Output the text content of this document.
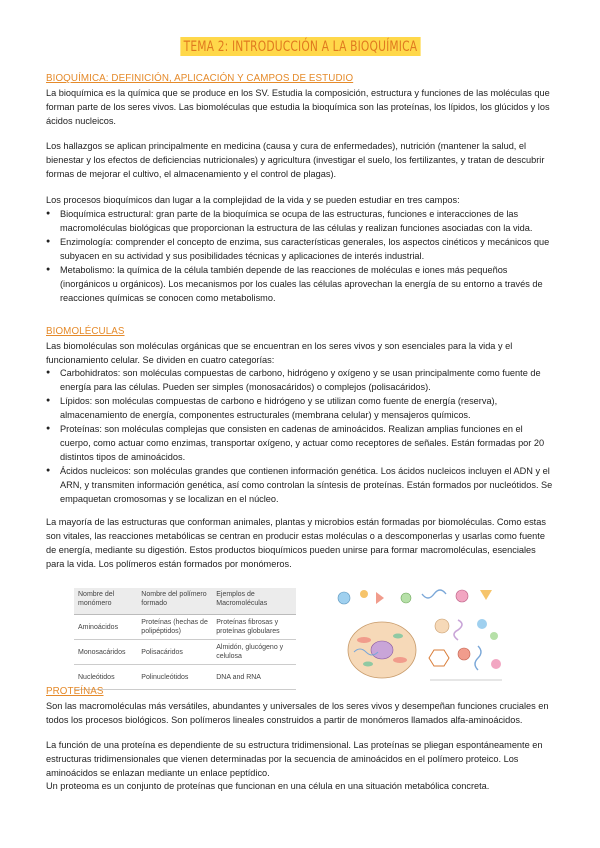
TEMA 2: INTRODUCCIÓN A LA BIOQUÍMICA
BIOQUÍMICA: DEFINICIÓN, APLICACIÓN Y CAMPOS DE ESTUDIO
La bioquímica es la química que se produce en los SV. Estudia la composición, estructura y funciones de las moléculas que forman parte de los seres vivos. Las biomoléculas que estudia la bioquímica son las proteínas, los lípidos, los glúcidos y los ácidos nucleicos.
Los hallazgos se aplican principalmente en medicina (causa y cura de enfermedades), nutrición (mantener la salud, el bienestar y los efectos de deficiencias nutricionales) y agricultura (investigar el suelo, los fertilizantes, y tratan de descubrir formas de mejorar el cultivo, el almacenamiento y el control de plagas).
Los procesos bioquímicos dan lugar a la complejidad de la vida y se pueden estudiar en tres campos:
● Bioquímica estructural: gran parte de la bioquímica se ocupa de las estructuras, funciones e interacciones de las macromoléculas biológicas que proporcionan la estructura de las células y realizan funciones asociadas con la vida.
● Enzimología: comprender el concepto de enzima, sus características generales, los aspectos cinéticos y mecánicos que subyacen en su actividad y sus posibilidades técnicas y aplicaciones de interés industrial.
● Metabolismo: la química de la célula también depende de las reacciones de moléculas e iones más pequeños (inorgánicos u orgánicos). Los mecanismos por los cuales las células aprovechan la energía de su entorno a través de reacciones químicas se conocen como metabolismo.
BIOMOLÉCULAS
Las biomoléculas son moléculas orgánicas que se encuentran en los seres vivos y son esenciales para la vida y el funcionamiento celular. Se dividen en cuatro categorías:
● Carbohidratos: son moléculas compuestas de carbono, hidrógeno y oxígeno y se usan principalmente como fuente de energía para las células. Pueden ser simples (monosacáridos) o complejos (polisacáridos).
● Lípidos: son moléculas compuestas de carbono e hidrógeno y se utilizan como fuente de energía (reserva), almacenamiento de energía, componentes estructurales (membrana celular) y mensajeros químicos.
● Proteínas: son moléculas complejas que consisten en cadenas de aminoácidos. Realizan amplias funciones en el cuerpo, como actuar como enzimas, transportar oxígeno, y actuar como receptores de señales. Están formadas por 20 distintos tipos de aminoácidos.
● Ácidos nucleicos: son moléculas grandes que contienen información genética. Los ácidos nucleicos incluyen el ADN y el ARN, y transmiten información genética, así como controlan la síntesis de proteínas. Están formados por nucleótidos. Se empaquetan cromosomas y se localizan en el núcleo.
La mayoría de las estructuras que conforman animales, plantas y microbios están formadas por biomoléculas. Como estas son vitales, las reacciones metabólicas se centran en producir estas moléculas o a descomponerlas y usarlas como fuente de energía, mediante su digestión. Estos productos bioquímicos pueden unirse para formar macromoléculas, esenciales para la vida. Los polímeros están formados por monómeros.
Nombre del monómero	Nombre del polímero formado	Ejemplos de Macromoléculas
Aminoácidos	Proteínas (hechas de polipéptidos)	Proteínas fibrosas y proteínas globulares
Monosacáridos	Polisacáridos	Almidón, glucógeno y celulosa
Nucleótidos	Polinucleótidos	DNA and RNA
PROTEÍNAS
Son las macromoléculas más versátiles, abundantes y universales de los seres vivos y desempeñan funciones cruciales en todos los procesos biológicos. Son polímeros lineales construidos a partir de monómeros llamados alfa-aminoácidos.
La función de una proteína es dependiente de su estructura tridimensional. Las proteínas se pliegan espontáneamente en estructuras tridimensionales que vienen determinadas por la secuencia de aminoácidos en el polímero proteico. Los aminoácidos se enlazan mediante un enlace peptídico.
Un proteoma es un conjunto de proteínas que funcionan en una célula en una situación metabólica concreta.
